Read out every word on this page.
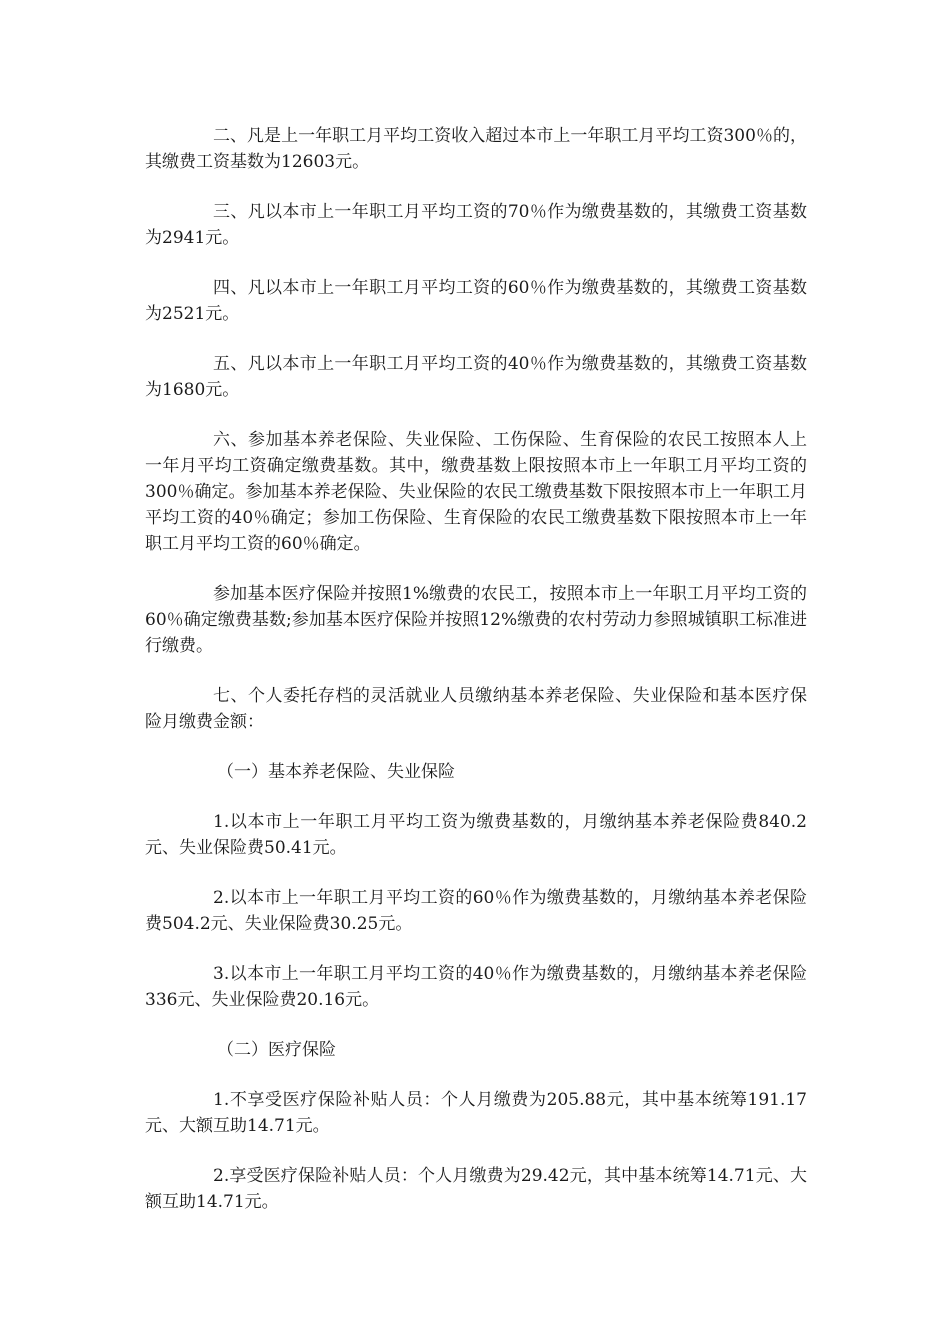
二、凡是上一年职工月平均工资收入超过本市上一年职工月平均工资300％的，其缴费工资基数为12603元。

三、凡以本市上一年职工月平均工资的70％作为缴费基数的，其缴费工资基数为2941元。

四、凡以本市上一年职工月平均工资的60％作为缴费基数的，其缴费工资基数为2521元。

五、凡以本市上一年职工月平均工资的40％作为缴费基数的，其缴费工资基数为1680元。

六、参加基本养老保险、失业保险、工伤保险、生育保险的农民工按照本人上一年月平均工资确定缴费基数。其中，缴费基数上限按照本市上一年职工月平均工资的300％确定。参加基本养老保险、失业保险的农民工缴费基数下限按照本市上一年职工月平均工资的40％确定；参加工伤保险、生育保险的农民工缴费基数下限按照本市上一年职工月平均工资的60％确定。

参加基本医疗保险并按照1%缴费的农民工，按照本市上一年职工月平均工资的60％确定缴费基数;参加基本医疗保险并按照12%缴费的农村劳动力参照城镇职工标准进行缴费。

七、个人委托存档的灵活就业人员缴纳基本养老保险、失业保险和基本医疗保险月缴费金额：

（一）基本养老保险、失业保险

1.以本市上一年职工月平均工资为缴费基数的，月缴纳基本养老保险费840.2元、失业保险费50.41元。

2.以本市上一年职工月平均工资的60％作为缴费基数的，月缴纳基本养老保险费504.2元、失业保险费30.25元。

3.以本市上一年职工月平均工资的40％作为缴费基数的，月缴纳基本养老保险336元、失业保险费20.16元。

（二）医疗保险

1.不享受医疗保险补贴人员：个人月缴费为205.88元，其中基本统筹191.17元、大额互助14.71元。

2.享受医疗保险补贴人员：个人月缴费为29.42元，其中基本统筹14.71元、大额互助14.71元。
